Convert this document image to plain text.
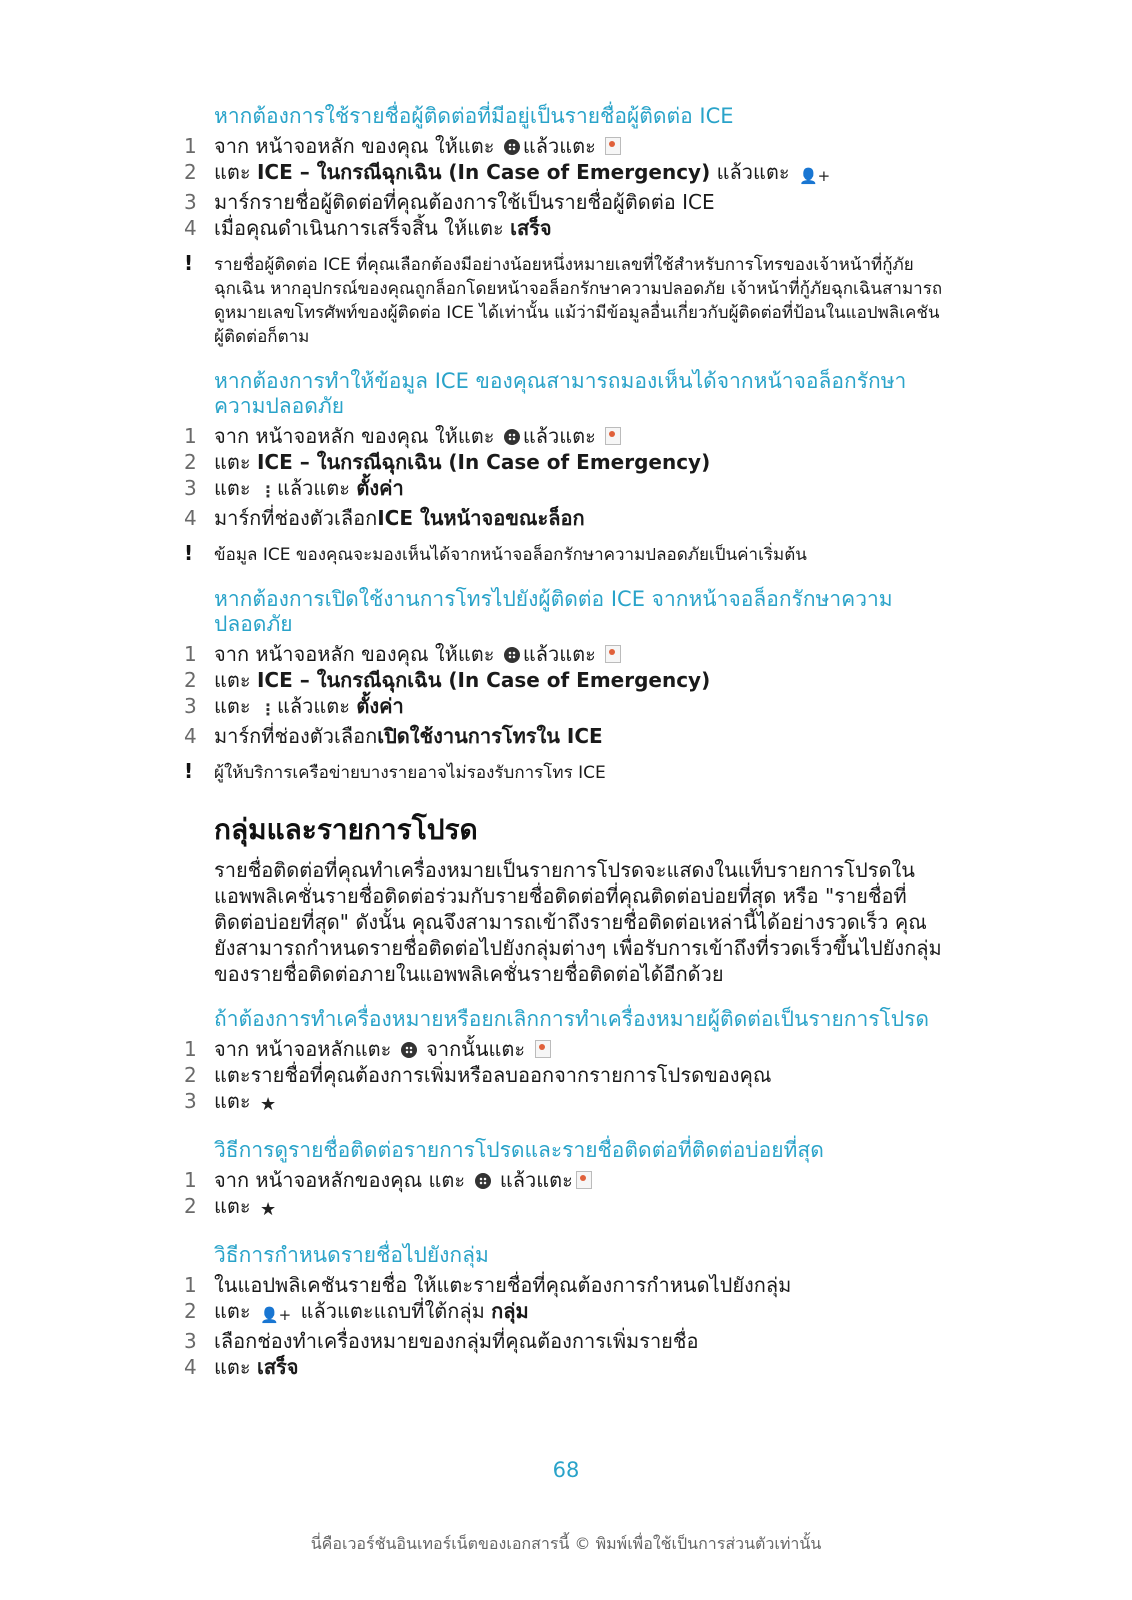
หากต้องการใช้รายชื่อผู้ติดต่อที่มีอยู่เป็นรายชื่อผู้ติดต่อ ICE

1 จาก หน้าจอหลัก ของคุณ ให้แตะ แล้วแตะ
2 แตะ ICE – ในกรณีฉุกเฉิน (In Case of Emergency) แล้วแตะ 👤+
3 มาร์กรายชื่อผู้ติดต่อที่คุณต้องการใช้เป็นรายชื่อผู้ติดต่อ ICE
4 เมื่อคุณดำเนินการเสร็จสิ้น ให้แตะ เสร็จ

! รายชื่อผู้ติดต่อ ICE ที่คุณเลือกต้องมีอย่างน้อยหนึ่งหมายเลขที่ใช้สำหรับการโทรของเจ้าหน้าที่กู้ภัยฉุกเฉิน หากอุปกรณ์ของคุณถูกล็อกโดยหน้าจอล็อกรักษาความปลอดภัย เจ้าหน้าที่กู้ภัยฉุกเฉินสามารถดูหมายเลขโทรศัพท์ของผู้ติดต่อ ICE ได้เท่านั้น แม้ว่ามีข้อมูลอื่นเกี่ยวกับผู้ติดต่อที่ป้อนในแอปพลิเคชันผู้ติดต่อก็ตาม

หากต้องการทำให้ข้อมูล ICE ของคุณสามารถมองเห็นได้จากหน้าจอล็อกรักษาความปลอดภัย

1 จาก หน้าจอหลัก ของคุณ ให้แตะ แล้วแตะ
2 แตะ ICE – ในกรณีฉุกเฉิน (In Case of Emergency)
3 แตะ ⋮ แล้วแตะ ตั้งค่า
4 มาร์กที่ช่องตัวเลือกICE ในหน้าจอขณะล็อก

! ข้อมูล ICE ของคุณจะมองเห็นได้จากหน้าจอล็อกรักษาความปลอดภัยเป็นค่าเริ่มต้น

หากต้องการเปิดใช้งานการโทรไปยังผู้ติดต่อ ICE จากหน้าจอล็อกรักษาความปลอดภัย

1 จาก หน้าจอหลัก ของคุณ ให้แตะ แล้วแตะ
2 แตะ ICE – ในกรณีฉุกเฉิน (In Case of Emergency)
3 แตะ ⋮ แล้วแตะ ตั้งค่า
4 มาร์กที่ช่องตัวเลือกเปิดใช้งานการโทรใน ICE

! ผู้ให้บริการเครือข่ายบางรายอาจไม่รองรับการโทร ICE

กลุ่มและรายการโปรด

รายชื่อติดต่อที่คุณทำเครื่องหมายเป็นรายการโปรดจะแสดงในแท็บรายการโปรดในแอพพลิเคชั่นรายชื่อติดต่อร่วมกับรายชื่อติดต่อที่คุณติดต่อบ่อยที่สุด หรือ "รายชื่อที่ติดต่อบ่อยที่สุด" ดังนั้น คุณจึงสามารถเข้าถึงรายชื่อติดต่อเหล่านี้ได้อย่างรวดเร็ว คุณยังสามารถกำหนดรายชื่อติดต่อไปยังกลุ่มต่างๆ เพื่อรับการเข้าถึงที่รวดเร็วขึ้นไปยังกลุ่มของรายชื่อติดต่อภายในแอพพลิเคชั่นรายชื่อติดต่อได้อีกด้วย

ถ้าต้องการทำเครื่องหมายหรือยกเลิกการทำเครื่องหมายผู้ติดต่อเป็นรายการโปรด

1 จาก หน้าจอหลักแตะ จากนั้นแตะ
2 แตะรายชื่อที่คุณต้องการเพิ่มหรือลบออกจากรายการโปรดของคุณ
3 แตะ ★

วิธีการดูรายชื่อติดต่อรายการโปรดและรายชื่อติดต่อที่ติดต่อบ่อยที่สุด

1 จาก หน้าจอหลักของคุณ แตะ แล้วแตะ
2 แตะ ★

วิธีการกำหนดรายชื่อไปยังกลุ่ม

1 ในแอปพลิเคชันรายชื่อ ให้แตะรายชื่อที่คุณต้องการกำหนดไปยังกลุ่ม
2 แตะ 👤+ แล้วแตะแถบที่ใต้กลุ่ม กลุ่ม
3 เลือกช่องทำเครื่องหมายของกลุ่มที่คุณต้องการเพิ่มรายชื่อ
4 แตะ เสร็จ
68
นี่คือเวอร์ชันอินเทอร์เน็ตของเอกสารนี้ © พิมพ์เพื่อใช้เป็นการส่วนตัวเท่านั้น
